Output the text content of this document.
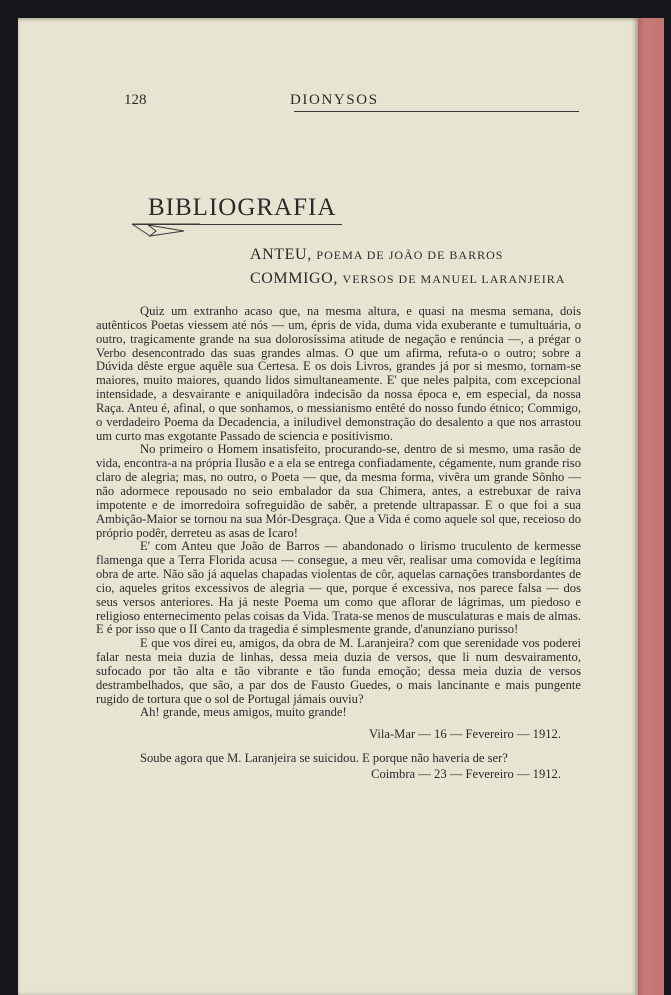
128	DIONYSOS
BIBLIOGRAFIA
ANTEU, POEMA DE JOÃO DE BARROS
COMMIGO, VERSOS DE MANUEL LARANJEIRA

Quiz um extranho acaso que, na mesma altura, e quasi na mesma semana, dois autênticos Poetas viessem até nós — um, épris de vida, duma vida exuberante e tumultuária, o outro, tragicamente grande na sua dolorosíssima atitude de negação e renúncia —, a prégar o Verbo desencontrado das suas grandes almas. O que um afirma, refuta-o o outro; sobre a Dúvida dêste ergue aquêle sua Certesa. E os dois Livros, grandes já por si mesmo, tornam-se maiores, muito maiores, quando lidos simultaneamente. E' que neles palpita, com excepcional intensidade, a desvairante e aniquiladôra indecisão da nossa época e, em especial, da nossa Raça. Anteu é, afinal, o que sonhamos, o messianismo entêté do nosso fundo étnico; Commigo, o verdadeiro Poema da Decadencia, a iniludivel demonstração do desalento a que nos arrastou um curto mas exgotante Passado de sciencia e positivismo.

No primeiro o Homem insatisfeito, procurando-se, dentro de si mesmo, uma rasão de vida, encontra-a na própria Ilusão e a ela se entrega confiadamente, cégamente, num grande riso claro de alegria; mas, no outro, o Poeta — que, da mesma forma, vivêra um grande Sônho — não adormece repousado no seio embalador da sua Chimera, antes, a estrebuxar de raiva impotente e de imorredoira sofreguidão de sabêr, a pretende ultrapassar. E o que foi a sua Ambição-Maior se tornou na sua Mór-Desgraça. Que a Vida é como aquele sol que, receioso do próprio podêr, derreteu as asas de Icaro!

E' com Anteu que João de Barros — abandonado o lirismo truculento de kermesse flamenga que a Terra Florida acusa — consegue, a meu vêr, realisar uma comovida e legítima obra de arte. Não são já aquelas chapadas violentas de côr, aquelas carnações transbordantes de cio, aqueles gritos excessivos de alegria — que, porque é excessiva, nos parece falsa — dos seus versos anteriores. Ha já neste Poema um como que aflorar de lágrimas, um piedoso e religioso enternecimento pelas coisas da Vida. Trata-se menos de musculaturas e mais de almas. E é por isso que o II Canto da tragedia é simplesmente grande, d'anunziano purisso!

E que vos direi eu, amigos, da obra de M. Laranjeira? com que serenidade vos poderei falar nesta meia duzia de linhas, dessa meia duzia de versos, que li num desvairamento, sufocado por tão alta e tão vibrante e tão funda emoção; dessa meia duzia de versos destrambelhados, que são, a par dos de Fausto Guedes, o mais lancinante e mais pungente rugido de tortura que o sol de Portugal jámais ouviu?

Ah! grande, meus amigos, muito grande!

Vila-Mar — 16 — Fevereiro — 1912.

Soube agora que M. Laranjeira se suicidou. E porque não haveria de ser?

Coimbra — 23 — Fevereiro — 1912.
